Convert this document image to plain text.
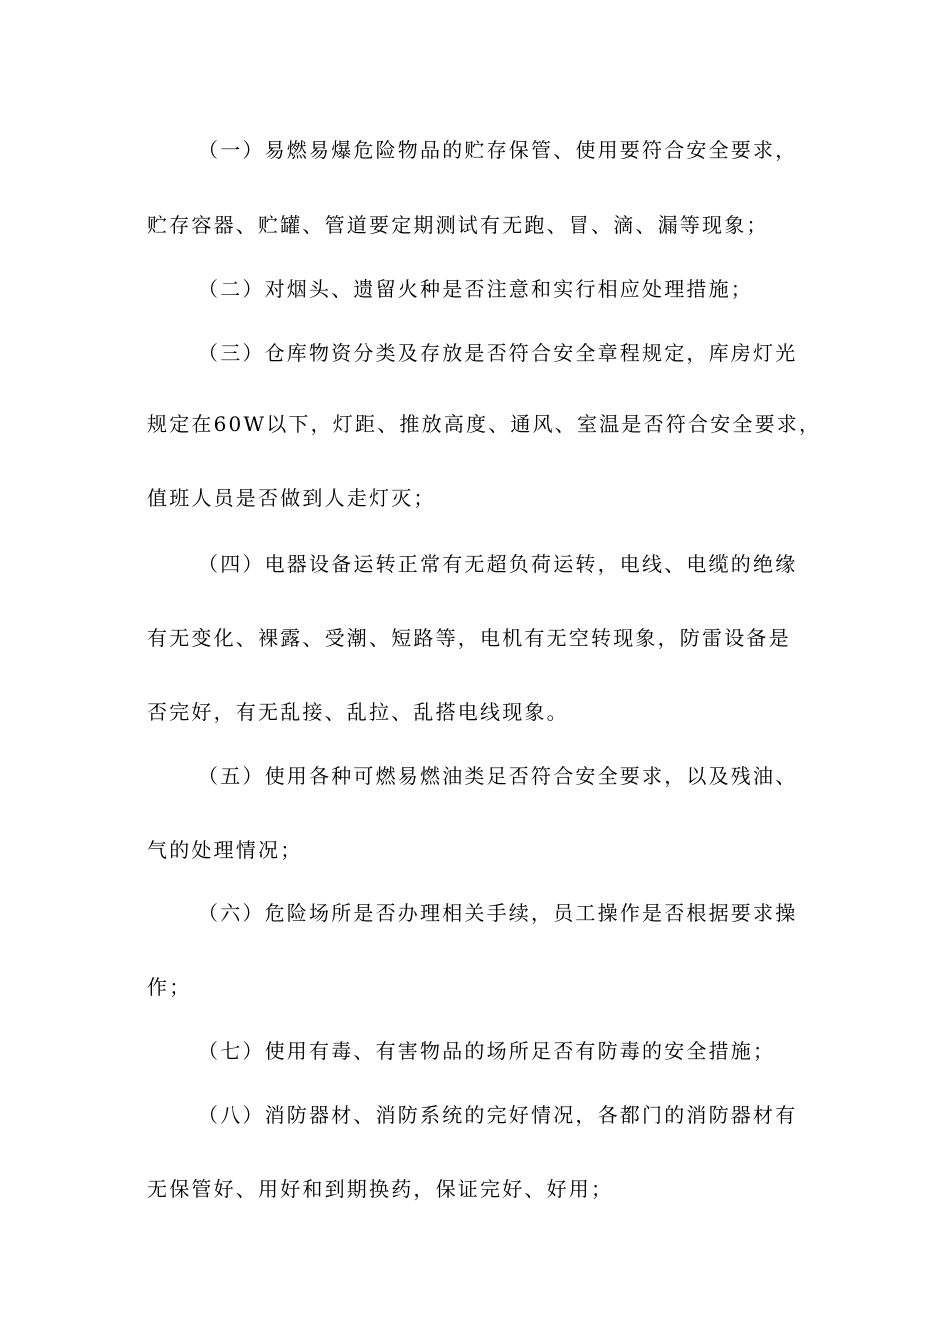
（一）易燃易爆危险物品的贮存保管、使用要符合安全要求，
贮存容器、贮罐、管道要定期测试有无跑、冒、滴、漏等现象；
（二）对烟头、遗留火种是否注意和实行相应处理措施；
（三）仓库物资分类及存放是否符合安全章程规定，库房灯光
规定在60W以下，灯距、推放高度、通风、室温是否符合安全要求，
值班人员是否做到人走灯灭；
（四）电器设备运转正常有无超负荷运转，电线、电缆的绝缘
有无变化、裸露、受潮、短路等，电机有无空转现象，防雷设备是
否完好，有无乱接、乱拉、乱搭电线现象。
（五）使用各种可燃易燃油类足否符合安全要求，以及残油、
气的处理情况；
（六）危险场所是否办理相关手续，员工操作是否根据要求操
作；
（七）使用有毒、有害物品的场所足否有防毒的安全措施；
（八）消防器材、消防系统的完好情况，各都门的消防器材有
无保管好、用好和到期换药，保证完好、好用；
